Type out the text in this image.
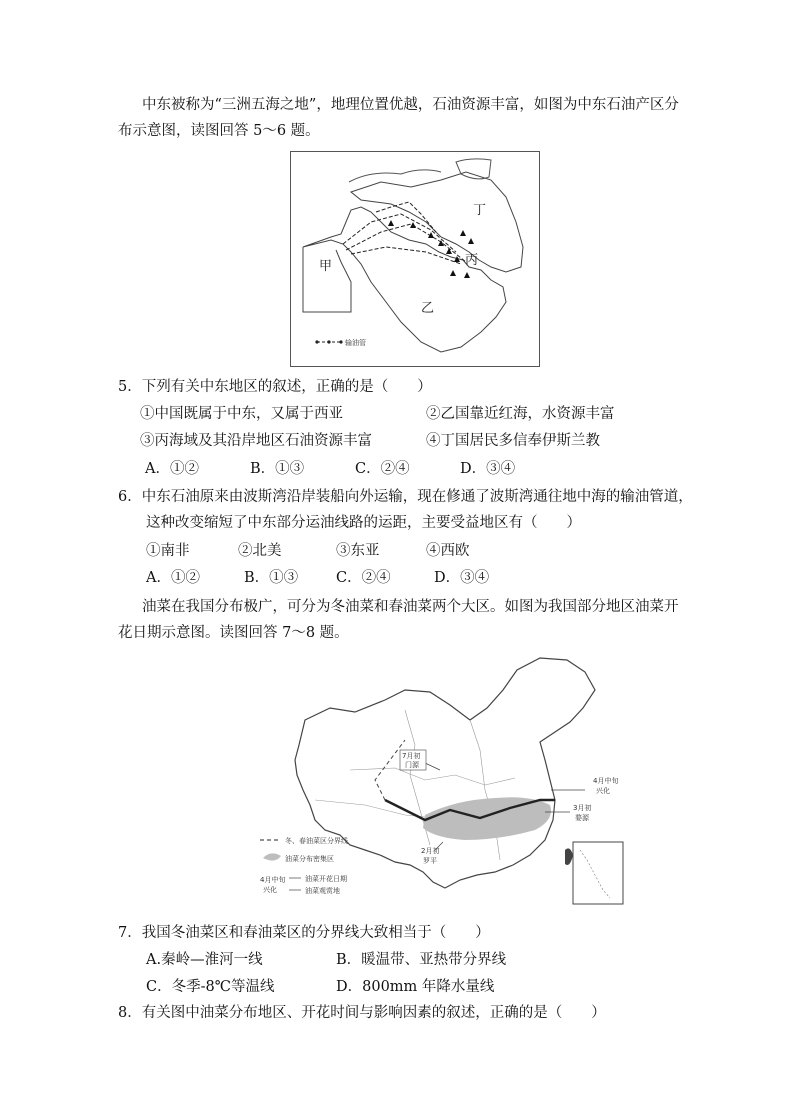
中东被称为“三洲五海之地”，地理位置优越，石油资源丰富，如图为中东石油产区分
布示意图，读图回答 5～6 题。
甲
乙
丙
丁
输油管
5．下列有关中东地区的叙述，正确的是（　　）
①中国既属于中东，又属于西亚	②乙国靠近红海，水资源丰富
③丙海域及其沿岸地区石油资源丰富	④丁国居民多信奉伊斯兰教
A．①②	B．①③	C．②④	D．③④
6．中东石油原来由波斯湾沿岸装船向外运输，现在修通了波斯湾通往地中海的输油管道，
这种改变缩短了中东部分运油线路的运距，主要受益地区有（　　）
①南非	②北美	③东亚	④西欧
A．①②	B．①③	C．②④	D．③④
油菜在我国分布极广，可分为冬油菜和春油菜两个大区。如图为我国部分地区油菜开
花日期示意图。读图回答 7～8 题。
7月初
门源
4月中旬
兴化
3月初
婺源
2月初
罗平
冬、春油菜区分界线
油菜分布密集区
4月中旬
兴化
油菜开花日期
油菜观赏地
7．我国冬油菜区和春油菜区的分界线大致相当于（　　）
A.秦岭—淮河一线	B．暖温带、亚热带分界线
C．冬季-8℃等温线	D．800mm 年降水量线
8．有关图中油菜分布地区、开花时间与影响因素的叙述，正确的是（　　）
